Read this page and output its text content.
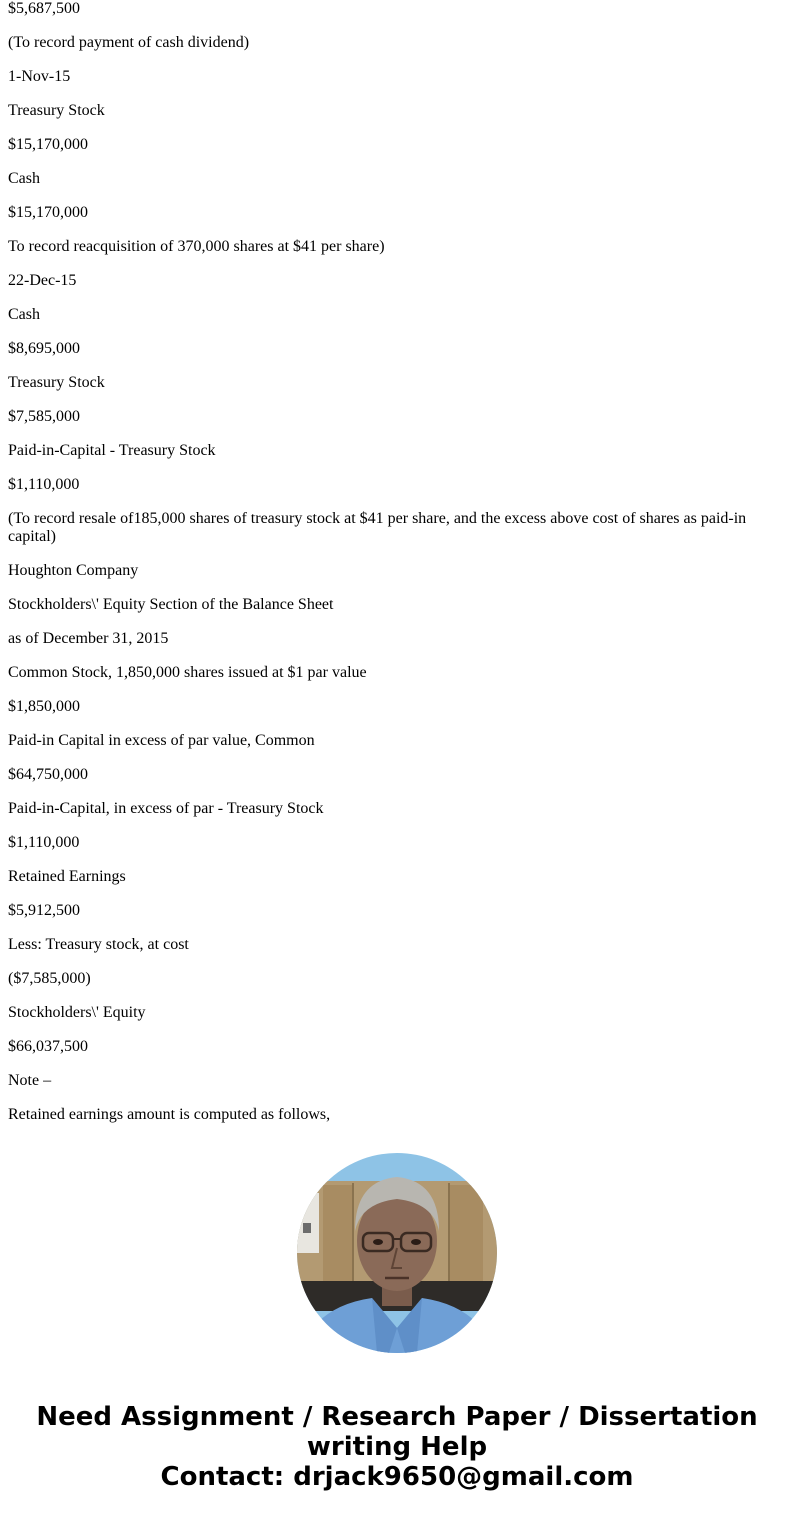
$5,687,500

(To record payment of cash dividend)

1-Nov-15

Treasury Stock

$15,170,000

Cash

$15,170,000

To record reacquisition of 370,000 shares at $41 per share)

22-Dec-15

Cash

$8,695,000

Treasury Stock

$7,585,000

Paid-in-Capital - Treasury Stock

$1,110,000

(To record resale of185,000 shares of treasury stock at $41 per share, and the excess above cost of shares as paid-in capital)

Houghton Company

Stockholders\' Equity Section of the Balance Sheet

as of December 31, 2015

Common Stock, 1,850,000 shares issued at $1 par value

$1,850,000

Paid-in Capital in excess of par value, Common

$64,750,000

Paid-in-Capital, in excess of par - Treasury Stock

$1,110,000

Retained Earnings

$5,912,500

Less: Treasury stock, at cost

($7,585,000)

Stockholders\' Equity

$66,037,500

Note –

Retained earnings amount is computed as follows,

Need Assignment / Research Paper / Dissertation
writing Help
Contact: drjack9650@gmail.com
